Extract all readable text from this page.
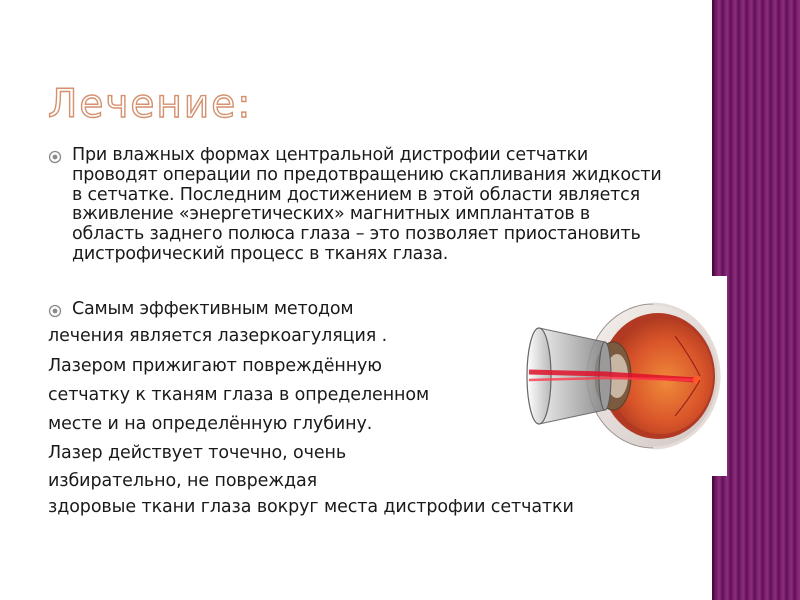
Лечение:
При влажных формах центральной дистрофии сетчатки проводят операции по предотвращению скапливания жидкости в сетчатке. Последним достижением в этой области является вживление «энергетических» магнитных имплантатов в область заднего полюса глаза – это позволяет приостановить дистрофический процесс в тканях глаза.
Самым эффективным методом
лечения является лазеркоагуляция .
Лазером прижигают повреждённую
сетчатку к тканям глаза в определенном
месте и на определённую глубину.
Лазер действует точечно, очень
избирательно, не повреждая
здоровые ткани глаза вокруг места дистрофии сетчатки
